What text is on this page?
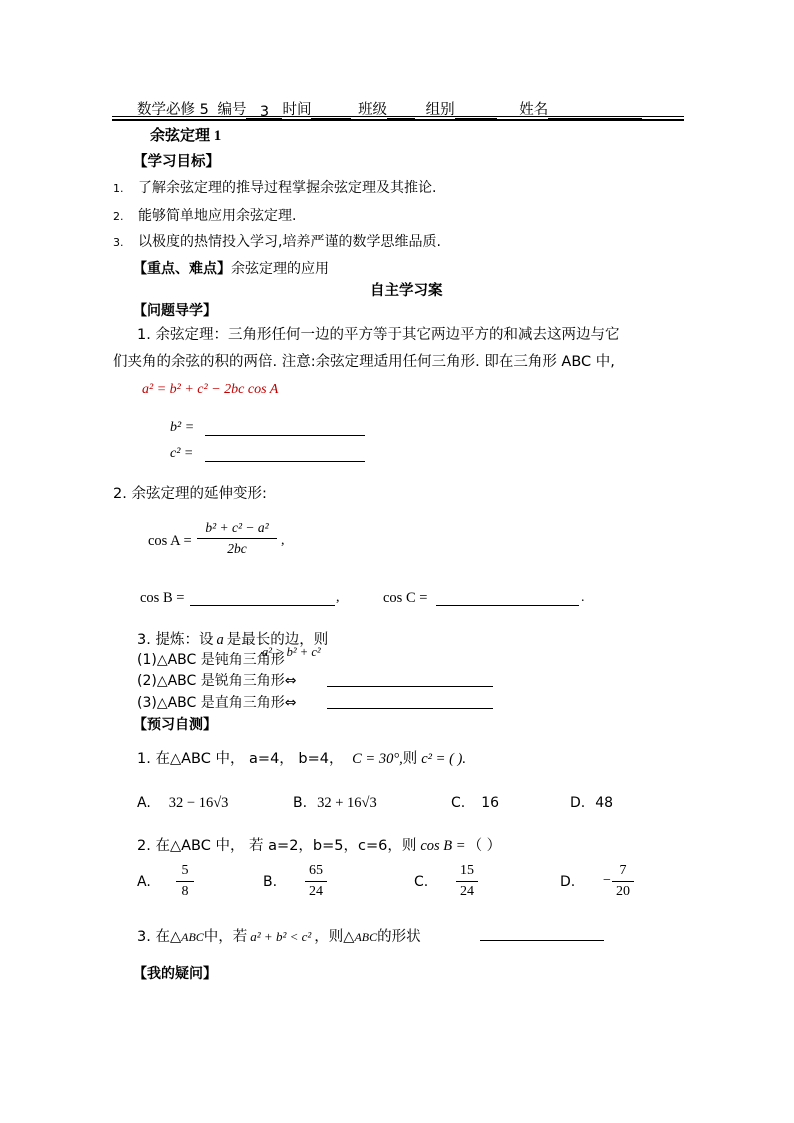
数学必修 5 编号 3 时间	班级	组别	姓名
余弦定理 1
【学习目标】
1. 了解余弦定理的推导过程掌握余弦定理及其推论.
2. 能够简单地应用余弦定理.
3. 以极度的热情投入学习,培养严谨的数学思维品质.
【重点、难点】余弦定理的应用
自主学习案
【问题导学】
1. 余弦定理：三角形任何一边的平方等于其它两边平方的和减去这两边与它
们夹角的余弦的积的两倍. 注意:余弦定理适用任何三角形. 即在三角形 ABC 中,
a² = b² + c² − 2bc cos A
b² =
c² =
2. 余弦定理的延伸变形:
cos A =
b² + c² − a²
2bc
,
cos B =	,	cos C =	.
3. 提炼：设 a 是最长的边，则
(1)△ABC 是钝角三角形
a² > b² + c²
(2)△ABC 是锐角三角形⇔
(3)△ABC 是直角三角形⇔
【预习自测】
1. 在△ABC 中， a=4， b=4， C = 30°,则 c² = ( ).
A. 32 − 16√3	B. 32 + 16√3	C. 16	D. 48
2. 在△ABC 中， 若 a=2，b=5，c=6，则 cos B = （ ）
A.
5
8
B.
65
24
C.
15
24
D. −
7
20
3. 在△ABC中，若 a² + b² < c² ，则△ABC的形状
【我的疑问】
